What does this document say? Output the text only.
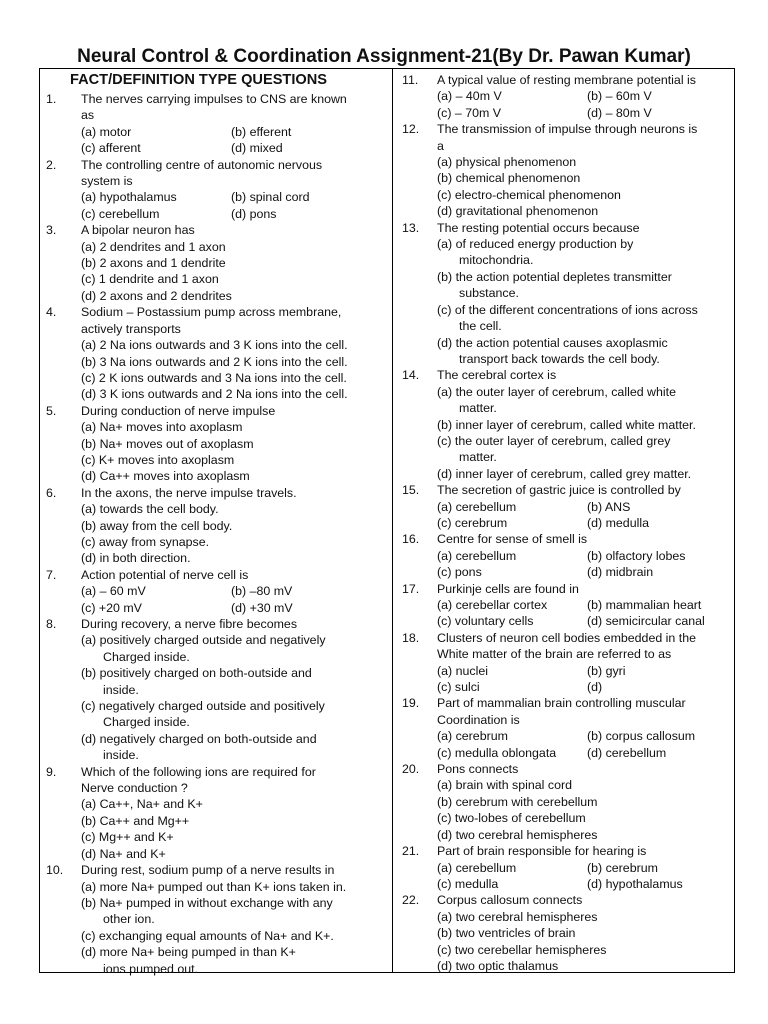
Neural Control & Coordination Assignment-21(By Dr. Pawan Kumar)
FACT/DEFINITION TYPE QUESTIONS
1. The nerves carrying impulses to CNS are known
as
(a) motor	(b) efferent
(c) afferent	(d) mixed
2. The controlling centre of autonomic nervous
system is
(a) hypothalamus	(b) spinal cord
(c) cerebellum	(d) pons
3. A bipolar neuron has
(a) 2 dendrites and 1 axon
(b) 2 axons and 1 dendrite
(c) 1 dendrite and 1 axon
(d) 2 axons and 2 dendrites
4. Sodium – Postassium pump across membrane,
actively transports
(a) 2 Na ions outwards and 3 K ions into the cell.
(b) 3 Na ions outwards and 2 K ions into the cell.
(c) 2 K ions outwards and 3 Na ions into the cell.
(d) 3 K ions outwards and 2 Na ions into the cell.
5. During conduction of nerve impulse
(a) Na+ moves into axoplasm
(b) Na+ moves out of axoplasm
(c) K+ moves into axoplasm
(d) Ca++ moves into axoplasm
6. In the axons, the nerve impulse travels.
(a) towards the cell body.
(b) away from the cell body.
(c) away from synapse.
(d) in both direction.
7. Action potential of nerve cell is
(a) – 60 mV	(b) –80 mV
(c) +20 mV	(d) +30 mV
8. During recovery, a nerve fibre becomes
(a) positively charged outside and negatively
Charged inside.
(b) positively charged on both-outside and
inside.
(c) negatively charged outside and positively
Charged inside.
(d) negatively charged on both-outside and
inside.
9. Which of the following ions are required for
Nerve conduction ?
(a) Ca++, Na+ and K+
(b) Ca++ and Mg++
(c) Mg++ and K+
(d) Na+ and K+
10. During rest, sodium pump of a nerve results in
(a) more Na+ pumped out than K+ ions taken in.
(b) Na+ pumped in without exchange with any
other ion.
(c) exchanging equal amounts of Na+ and K+.
(d) more Na+ being pumped in than K+
ions pumped out.
11. A typical value of resting membrane potential is
(a) – 40m V	(b) – 60m V
(c) – 70m V	(d) – 80m V
12. The transmission of impulse through neurons is
a
(a) physical phenomenon
(b) chemical phenomenon
(c) electro-chemical phenomenon
(d) gravitational phenomenon
13. The resting potential occurs because
(a) of reduced energy production by
mitochondria.
(b) the action potential depletes transmitter
substance.
(c) of the different concentrations of ions across
the cell.
(d) the action potential causes axoplasmic
transport back towards the cell body.
14. The cerebral cortex is
(a) the outer layer of cerebrum, called white
matter.
(b) inner layer of cerebrum, called white matter.
(c) the outer layer of cerebrum, called grey
matter.
(d) inner layer of cerebrum, called grey matter.
15. The secretion of gastric juice is controlled by
(a) cerebellum	(b) ANS
(c) cerebrum	(d) medulla
16. Centre for sense of smell is
(a) cerebellum	(b) olfactory lobes
(c) pons	(d) midbrain
17. Purkinje cells are found in
(a) cerebellar cortex	(b) mammalian heart
(c) voluntary cells	(d) semicircular canal
18. Clusters of neuron cell bodies embedded in the
White matter of the brain are referred to as
(a) nuclei	(b) gyri
(c) sulci	(d)
19. Part of mammalian brain controlling muscular
Coordination is
(a) cerebrum	(b) corpus callosum
(c) medulla oblongata	(d) cerebellum
20. Pons connects
(a) brain with spinal cord
(b) cerebrum with cerebellum
(c) two-lobes of cerebellum
(d) two cerebral hemispheres
21. Part of brain responsible for hearing is
(a) cerebellum	(b) cerebrum
(c) medulla	(d) hypothalamus
22. Corpus callosum connects
(a) two cerebral hemispheres
(b) two ventricles of brain
(c) two cerebellar hemispheres
(d) two optic thalamus
